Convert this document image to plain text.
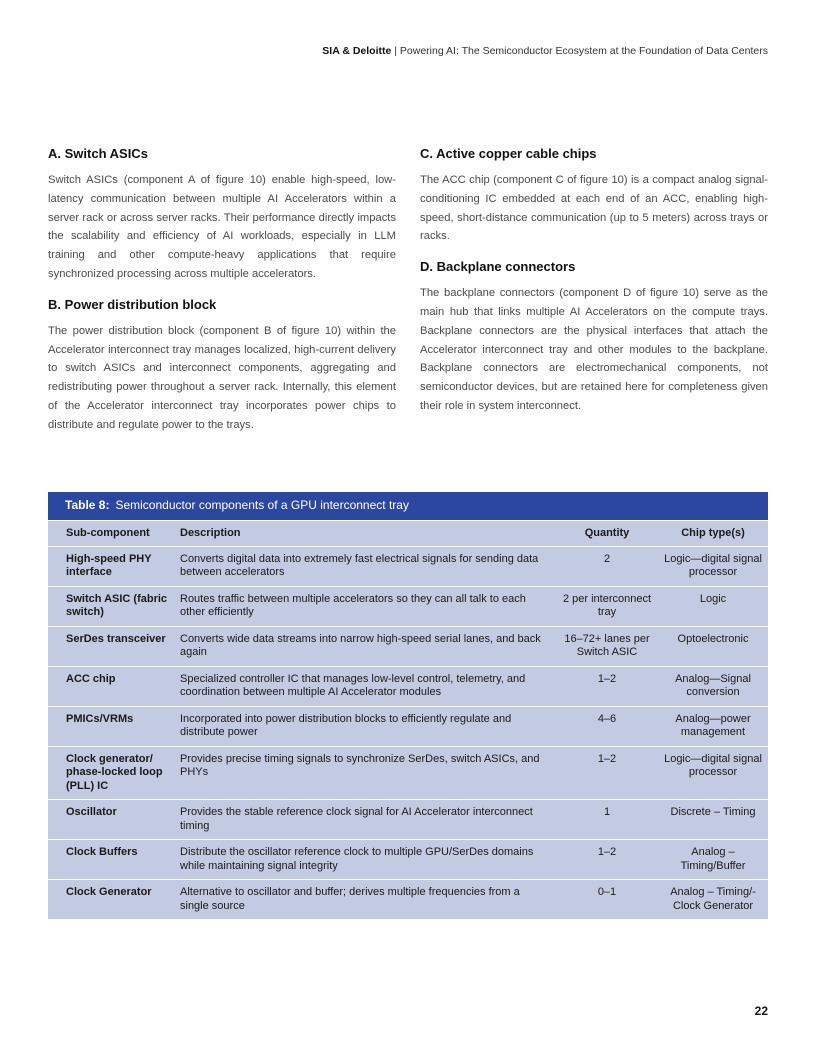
SIA & Deloitte | Powering AI: The Semiconductor Ecosystem at the Foundation of Data Centers
A. Switch ASICs

Switch ASICs (component A of figure 10) enable high-speed, low-latency communication between multiple AI Accelerators within a server rack or across server racks. Their performance directly impacts the scalability and efficiency of AI workloads, especially in LLM training and other compute-heavy applications that require synchronized processing across multiple accelerators.

B. Power distribution block

The power distribution block (component B of figure 10) within the Accelerator interconnect tray manages localized, high-current delivery to switch ASICs and interconnect components, aggregating and redistributing power throughout a server rack. Internally, this element of the Accelerator interconnect tray incorporates power chips to distribute and regulate power to the trays.

C. Active copper cable chips

The ACC chip (component C of figure 10) is a compact analog signal-conditioning IC embedded at each end of an ACC, enabling high-speed, short-distance communication (up to 5 meters) across trays or racks.

D. Backplane connectors

The backplane connectors (component D of figure 10) serve as the main hub that links multiple AI Accelerators on the compute trays. Backplane connectors are the physical interfaces that attach the Accelerator interconnect tray and other modules to the backplane. Backplane connectors are electromechanical components, not semiconductor devices, but are retained here for completeness given their role in system interconnect.

Table 8: Semiconductor components of a GPU interconnect tray
Sub-component	Description	Quantity	Chip type(s)
High-speed PHY interface	Converts digital data into extremely fast electrical signals for sending data between accelerators	2	Logic—digital signal processor
Switch ASIC (fabric switch)	Routes traffic between multiple accelerators so they can all talk to each other efficiently	2 per interconnect tray	Logic
SerDes transceiver	Converts wide data streams into narrow high-speed serial lanes, and back again	16–72+ lanes per Switch ASIC	Optoelectronic
ACC chip	Specialized controller IC that manages low-level control, telemetry, and coordination between multiple AI Accelerator modules	1–2	Analog—Signal conversion
PMICs/VRMs	Incorporated into power distribution blocks to efficiently regulate and distribute power	4–6	Analog—power management
Clock generator/ phase-locked loop (PLL) IC	Provides precise timing signals to synchronize SerDes, switch ASICs, and PHYs	1–2	Logic—digital signal processor
Oscillator	Provides the stable reference clock signal for AI Accelerator interconnect timing	1	Discrete – Timing
Clock Buffers	Distribute the oscillator reference clock to multiple GPU/SerDes domains while maintaining signal integrity	1–2	Analog – Timing/Buffer
Clock Generator	Alternative to oscillator and buffer; derives multiple frequencies from a single source	0–1	Analog – Timing/- Clock Generator
22
